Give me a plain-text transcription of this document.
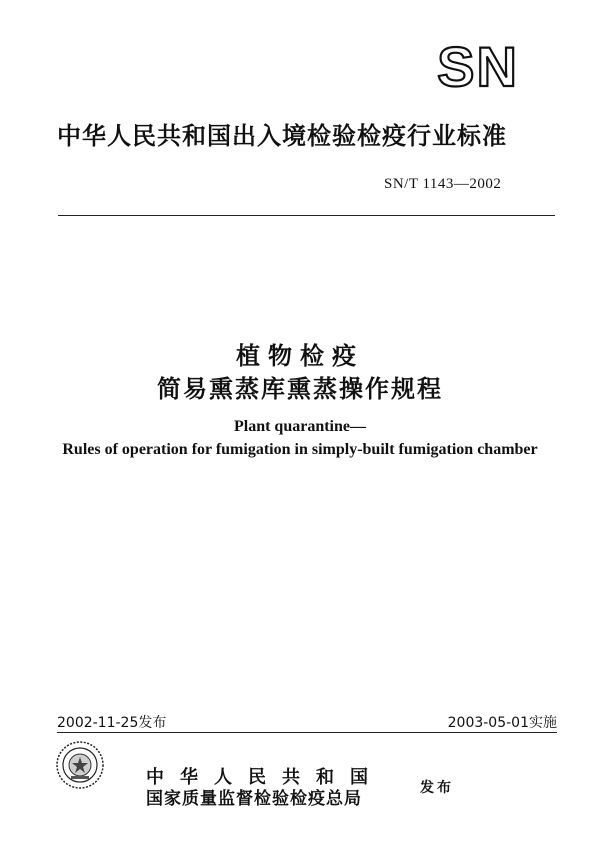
SN
中华人民共和国出入境检验检疫行业标准
SN/T 1143—2002
植物检疫
简易熏蒸库熏蒸操作规程
Plant quarantine—
Rules of operation for fumigation in simply-built fumigation chamber
2002-11-25发布	2003-05-01实施
中华人民共和国
国家质量监督检验检疫总局
发布
